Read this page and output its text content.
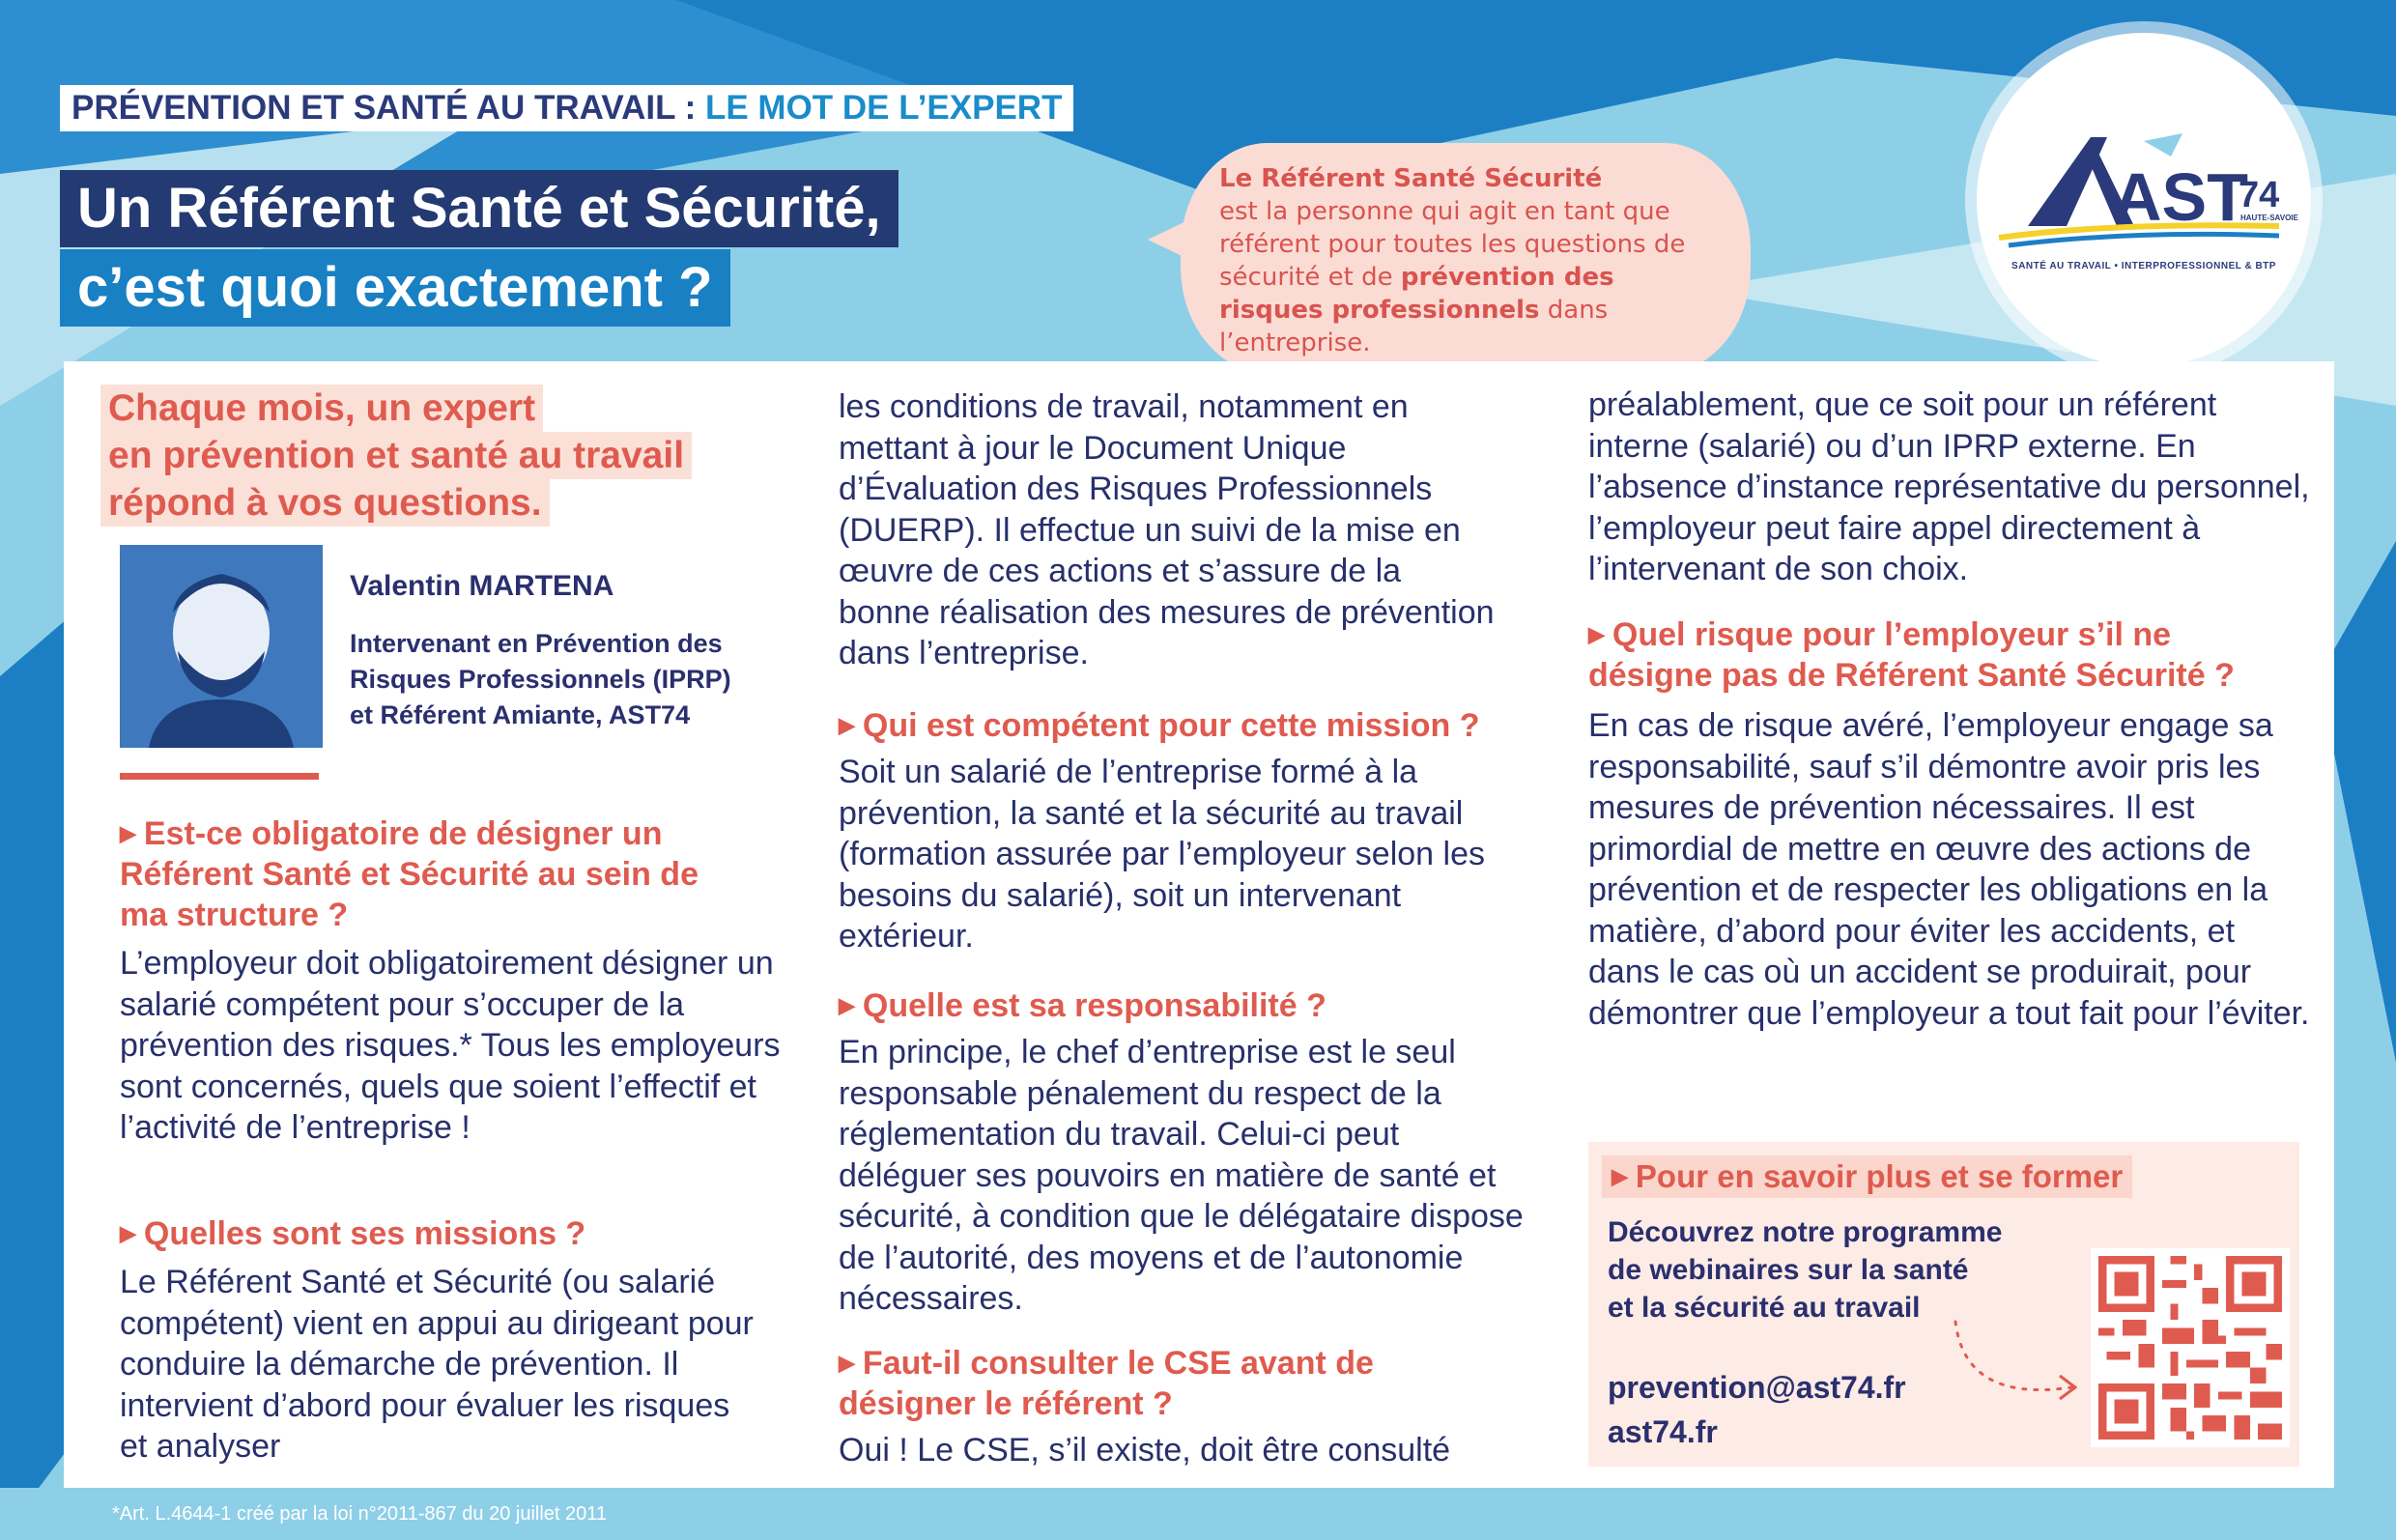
PRÉVENTION ET SANTÉ AU TRAVAIL : LE MOT DE L’EXPERT
Un Référent Santé et Sécurité,
c’est quoi exactement ?

Le Référent Santé Sécurité
est la personne qui agit en tant que référent pour toutes les questions de sécurité et de prévention des risques professionnels dans l’entreprise.

AST
74
HAUTE-SAVOIE
SANTÉ AU TRAVAIL • INTERPROFESSIONNEL & BTP
Chaque mois, un expert
en prévention et santé au travail
répond à vos questions.
Valentin MARTENA
Intervenant en Prévention des
Risques Professionnels (IPRP)
et Référent Amiante, AST74

▶ Est-ce obligatoire de désigner un Référent Santé et Sécurité au sein de ma structure ?

L’employeur doit obligatoirement désigner un salarié compétent pour s’occuper de la prévention des risques.* Tous les employeurs sont concernés, quels que soient l’effectif et l’activité de l’entreprise !

▶ Quelles sont ses missions ?

Le Référent Santé et Sécurité (ou salarié compétent) vient en appui au dirigeant pour conduire la démarche de prévention. Il intervient d’abord pour évaluer les risques et analyser

les conditions de travail, notamment en mettant à jour le Document Unique d’Évaluation des Risques Professionnels (DUERP). Il effectue un suivi de la mise en œuvre de ces actions et s’assure de la bonne réalisation des mesures de prévention dans l’entreprise.

▶ Qui est compétent pour cette mission ?

Soit un salarié de l’entreprise formé à la prévention, la santé et la sécurité au travail (formation assurée par l’employeur selon les besoins du salarié), soit un intervenant extérieur.

▶ Quelle est sa responsabilité ?

En principe, le chef d’entreprise est le seul responsable pénalement du respect de la réglementation du travail. Celui-ci peut déléguer ses pouvoirs en matière de santé et sécurité, à condition que le délégataire dispose de l’autorité, des moyens et de l’autonomie nécessaires.

▶ Faut-il consulter le CSE avant de désigner le référent ?

Oui ! Le CSE, s’il existe, doit être consulté

préalablement, que ce soit pour un référent interne (salarié) ou d’un IPRP externe. En l’absence d’instance représentative du personnel, l’employeur peut faire appel directement à l’intervenant de son choix.

▶ Quel risque pour l’employeur s’il ne désigne pas de Référent Santé Sécurité ?

En cas de risque avéré, l’employeur engage sa responsabilité, sauf s’il démontre avoir pris les mesures de prévention nécessaires. Il est primordial de mettre en œuvre des actions de prévention et de respecter les obligations en la matière, d’abord pour éviter les accidents, et dans le cas où un accident se produirait, pour démontrer que l’employeur a tout fait pour l’éviter.

▶ Pour en savoir plus et se former
Découvrez notre programme
de webinaires sur la santé
et la sécurité au travail
prevention@ast74.fr
ast74.fr
*Art. L.4644-1 créé par la loi n°2011-867 du 20 juillet 2011
